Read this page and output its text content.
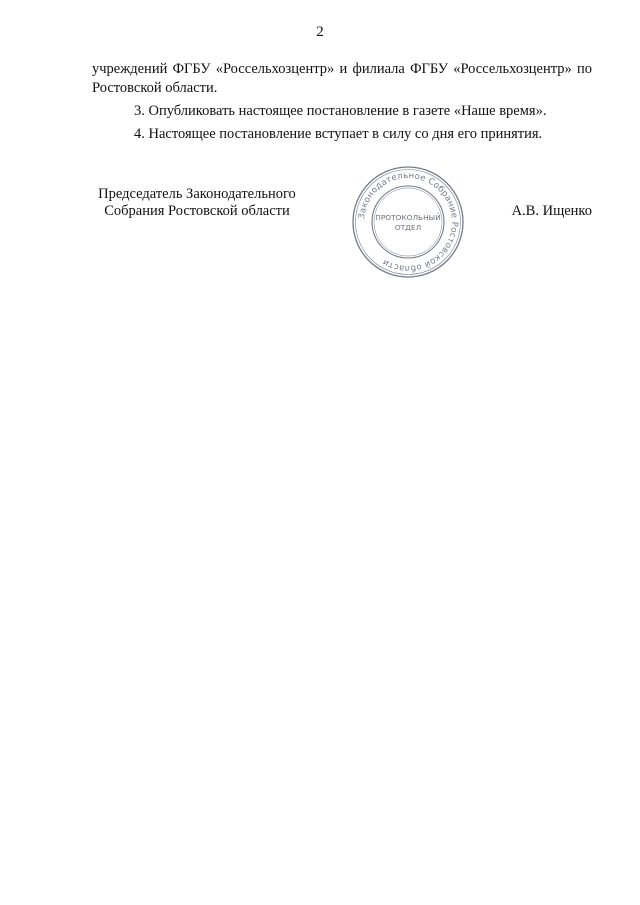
2

учреждений ФГБУ «Россельхозцентр» и филиала ФГБУ «Россельхозцентр» по Ростовской области.

3. Опубликовать настоящее постановление в газете «Наше время».

4. Настоящее постановление вступает в силу со дня его принятия.

Председатель Законодательного
Собрания Ростовской области	Законодательное Собрание Ростовской области
ПРОТОКОЛЬНЫЙ
ОТДЕЛ
А.В. Ищенко
